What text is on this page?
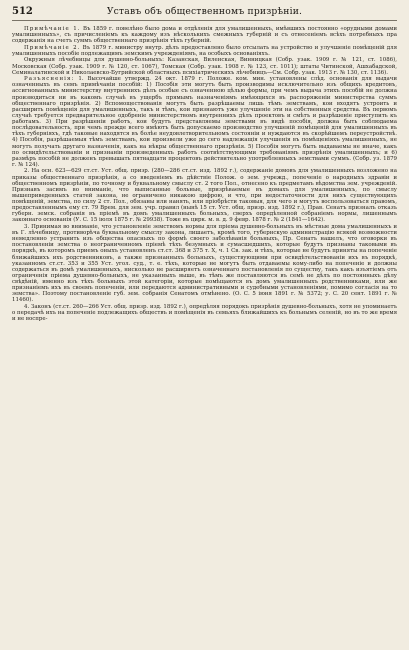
512	Уставъ объ общественномъ призрѣніи.

Примѣчаніе 1. Въ 1859 г. повелѣно было дома и отдѣленія для умалишенныхъ, имѣвшихъ постоянно «орудными домами умалишенныхъ», съ причисленіемъ къ каждому изъ нѣсколькихъ смежныхъ губерній и съ отнесеніемъ всѣхъ потребныхъ пра содержанія на счетъ суммъ общественнаго призрѣнія тѣхъ губерній.

Примѣчаніе 2. Въ 1879 г. министру внутр. дѣлъ предоставлено было отсылать на устройство и улучшеніе помѣщеній для умалишенныхъ пособіе подлежащимъ земскимъ учрежденіямъ, на особыхъ основаніяхъ.

Окружныя лѣчебницы для душевно-больныхъ: Казанская, Виленская, Винницкая (Собр. узак. 1909 г. № 121, ст. 1086), Московская (Собр. узак. 1909 г. № 120, ст. 1067), Томская (Собр. узак. 1908 г. № 123, ст. 1011); штаты Читинской, Ашхабадской, Семиналатинской и Николаевско-Бугрийской областныхъ психіатрическихъ лѣчебницъ—См. Собр. узак. 1913 г. № 130, ст. 1136).

Разъясненія: 1. Высочайше утвержд. 24 окт. 1879 г. Положе. ком. мин. установлены слѣд. основанія для выдачи означенныхъ въ семъ примѣчаніи пособій: 1) Пособія эти могутъ быть производимы исключительно изъ общихъ кредитовъ, ассигнованныхъ министерству внутреннихъ дѣлъ особые съ означенною цѣлью формы, при чемъ выдача этихъ пособій не должна производиться ни въ какомъ случаѣ въ ущербъ прямымъ назначеніямъ имѣющихся въ распоряженіи министерства суммъ общественнаго призрѣнія. 2) Вспомоществованія могутъ быть разрѣшаемы лишь тѣмъ земствамъ, кои входятъ устроить и расширить помѣщенія для умалишенныхъ, такъ и тѣмъ, кои признаютъ уже улучшеніе эти на собственныя средства. Въ первомъ случаѣ требуется предварительное одобреніе министерствомъ внутреннихъ дѣлъ проектовъ и смѣтъ и разрѣшеніе приступить къ работамъ. 3) При разрѣшеніи работъ, кои будутъ представляемы земствами въ видѣ пособія, должна быть соблюдаема послѣдовательность, при чемъ прежде всего имѣютъ быть допускаемо производство улучшеній помѣщеній для умалишенныхъ въ тѣхъ губерніяхъ, гдѣ таковые находятся въ болѣе неудовлетворительномъ состояніи и нуждаются въ скорѣйшемъ переустройствѣ. 4) Пособія, разрѣшаемыя тѣмъ земствамъ, кои произвели уже до сего надлежащія улучшенія въ помѣщеніяхъ умалишенныхъ, не могутъ получать другаго назначенія, какъ на нѣкры общественнаго призрѣнія. 5) Пособія могутъ быть выдаваемы не иначе, какъ по освидѣтельствованіи и признаніи произведенныхъ работъ соотвѣтствующими требованіямъ призрѣнія умалишенныхъ; и 6) размѣръ пособій не долженъ превышать пятнадцати процентовъ действительно употребленныхъ земствами суммъ. (Собр. уз. 1879 г. № 124).

2. На осн. 623—629 ст.ст. Уст. общ. призр. (280—286 ст.ст. изд. 1892 г.), содержаніе домовъ для умалишенныхъ возложено на приказы общественнаго призрѣнія, а со введеніемъ въ дѣйствіе Полож. о зем. учрежд., попеченіе о народныхъ здравіи и общественномъ призрѣніи, по точному и буквальному смыслу ст. 2 того Пол., отнесено къ предметамъ вѣдомства зем. учрежденій. Признавъ засимъ во вниманіе, что выписанные больные, призрѣваемые въ домахъ для умалишенныхъ, по смыслу вышеприведенныхъ статей закона, не ограничено никакою цифрою, и что, при недостаточности для нихъ существующихъ помѣщеній, земства, по силу 2 ст. Пол., обязаны или нанять, или пріобрѣсти таковыя, для чего и могутъ воспользоваться правомъ, предоставленнымъ ему ст. 79 Врем. для зем. учр. правил (нынѣ 15 ст. Уст. общ. призр. изд. 1892 г.), Прав. Сенатъ призналъ отказъ губерн. земск. собранія въ пріемѣ въ домъ умалишенныхъ больныхъ, сверхъ опредѣленной собраніемъ нормы, лишеннымъ законнаго основанія (У. С. 15 іюля 1875 г. № 29938). Тоже въ цирк. м. в. д. 9 февр. 1878 г. № 2 (1841—1642).

3. Принимая во вниманіе, что установленіе земствомъ нормы для пріема душевно-больныхъ въ мѣстные дома умалишенныхъ и въ Г. лѣчебницу, противорѣча буквальному смыслу закона, лишаетъ, кромѣ того, губернскую администрацію всякой возможности немедленно устранить изъ общества опасныхъ по формѣ своего заболѣванія больныхъ, Пр. Сенатъ нашелъ, что оговорки въ постановленіи земства о неограниченномъ пріемѣ тѣхъ безумныхъ и сумасшедшихъ, которые будутъ признаны таковыми въ порядкѣ, въ которомъ приемъ оныхъ установленъ ст.ст. 368 и 375 т. X, ч. 1 Св. зак. и тѣхъ, которые не будутъ приняты на попеченіе ближайшихъ ихъ родственниковъ, а также признанныхъ больныхъ, существующими при освидѣтельствованіи ихъ въ порядкѣ, указанномъ ст.ст. 353 и 355 Уст. угол. суд., т. е. тѣхъ, которые не могутъ быть отдаваемы кому-либо на попеченіе и должны содержаться въ домѣ умалишенныхъ, нисколько не расширяетъ означеннаго постановленія по существу, такъ какъ изъятіемъ отъ ограниченія пріема душевно-больныхъ, не указанныхъ выше, въ тѣмъ же поставляются въ семѣ не дѣлъ по постоянныхъ дѣлу свѣдѣній, именно изъ тѣхъ больныхъ этой категоріи, которые помѣщаются въ домъ умалишенныхъ родственниками, или же признаніемъ ихъ въ своемъ попеченіи, или передаются административными и судебными установленіями, помимо согласія на то земства». Поэтому постановленіе губ. зем. собранія Сенатомъ отмѣнено. (О. С. 5 іюня 1891 г. № 5372; у. С. 20 сент. 1891 г. № 11460).

4. Законъ (ст.ст. 260—266 Уст. общ. призр. изд. 1892 г.), опредѣляя порядокъ призрѣнія душевно-больныхъ, хотя не упоминаетъ о передачѣ ихъ на попеченіе подлежащихъ обществъ и помѣщенія въ семьяхъ ближайшихъ къ больнымъ селеній, но въ то же время и не воспре-
